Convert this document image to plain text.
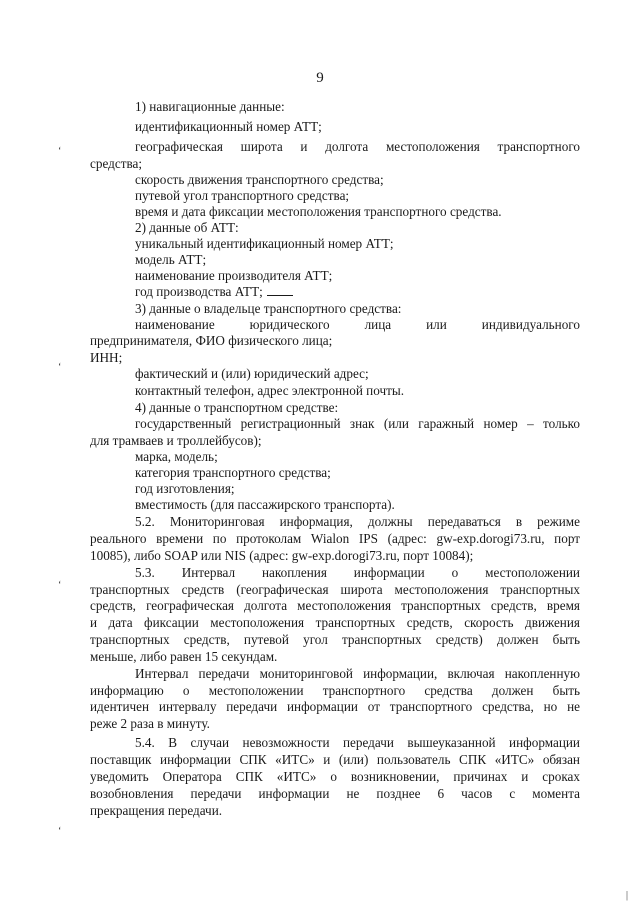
9
1) навигационные данные:
идентификационный номер АТТ;
географическая широта и долгота местоположения транспортного
средства;
скорость движения транспортного средства;
путевой угол транспортного средства;
время и дата фиксации местоположения транспортного средства.
2) данные об АТТ:
уникальный идентификационный номер АТТ;
модель АТТ;
наименование производителя АТТ;
год производства АТТ;
3) данные о владельце транспортного средства:
наименование юридического лица или индивидуального
предпринимателя, ФИО физического лица;
ИНН;
фактический и (или) юридический адрес;
контактный телефон, адрес электронной почты.
4) данные о транспортном средстве:
государственный регистрационный знак (или гаражный номер – только
для трамваев и троллейбусов);
марка, модель;
категория транспортного средства;
год изготовления;
вместимость (для пассажирского транспорта).
5.2. Мониторинговая информация, должны передаваться в режиме
реального времени по протоколам Wialon IPS (адрес: gw-exp.dorogi73.ru, порт
10085), либо SOAP или NIS (адрес: gw-exp.dorogi73.ru, порт 10084);
5.3. Интервал накопления информации о местоположении
транспортных средств (географическая широта местоположения транспортных
средств, географическая долгота местоположения транспортных средств, время
и дата фиксации местоположения транспортных средств, скорость движения
транспортных средств, путевой угол транспортных средств) должен быть
меньше, либо равен 15 секундам.
Интервал передачи мониторинговой информации, включая накопленную
информацию о местоположении транспортного средства должен быть
идентичен интервалу передачи информации от транспортного средства, но не
реже 2 раза в минуту.
5.4. В случаи невозможности передачи вышеуказанной информации
поставщик информации СПК «ИТС» и (или) пользователь СПК «ИТС» обязан
уведомить Оператора СПК «ИТС» о возникновении, причинах и сроках
возобновления передачи информации не позднее 6 часов с момента
прекращения передачи.
‘
‘
‘
‘
|
